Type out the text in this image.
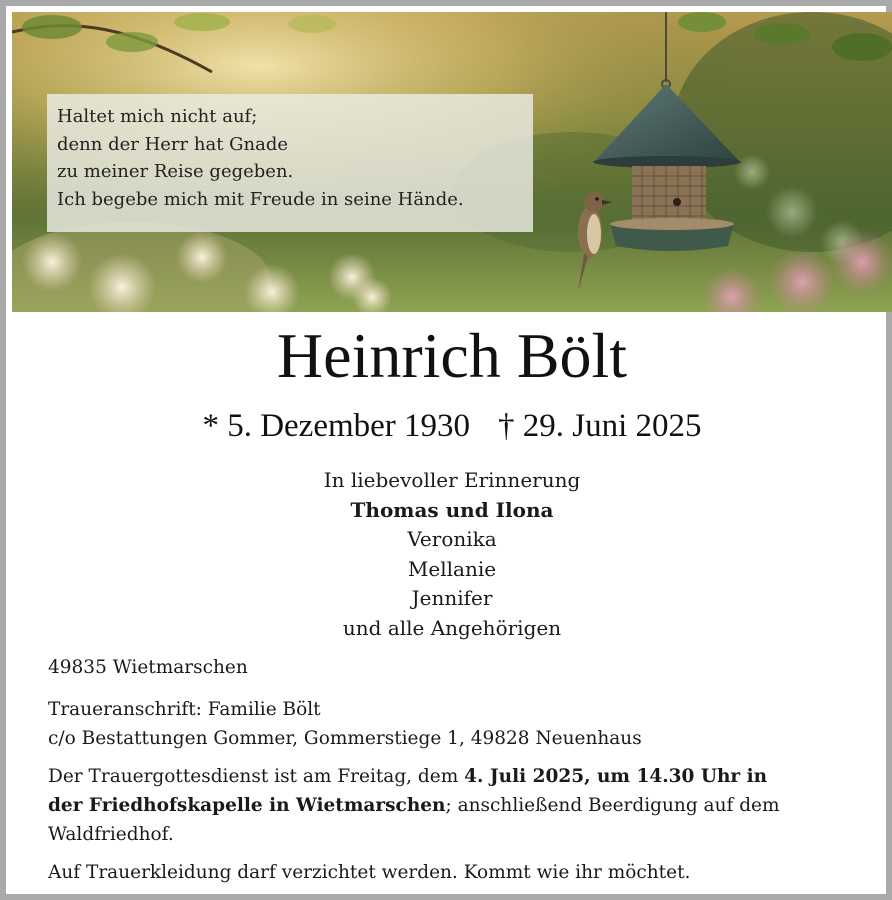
Haltet mich nicht auf;
denn der Herr hat Gnade
zu meiner Reise gegeben.
Ich begebe mich mit Freude in seine Hände.
Heinrich Bölt
* 5. Dezember 1930 † 29. Juni 2025
In liebevoller Erinnerung
Thomas und Ilona
Veronika
Mellanie
Jennifer
und alle Angehörigen
49835 Wietmarschen
Traueranschrift: Familie Bölt
c/o Bestattungen Gommer, Gommerstiege 1, 49828 Neuenhaus
Der Trauergottesdienst ist am Freitag, dem 4. Juli 2025, um 14.30 Uhr in
der Friedhofskapelle in Wietmarschen; anschließend Beerdigung auf dem
Waldfriedhof.
Auf Trauerkleidung darf verzichtet werden. Kommt wie ihr möchtet.
